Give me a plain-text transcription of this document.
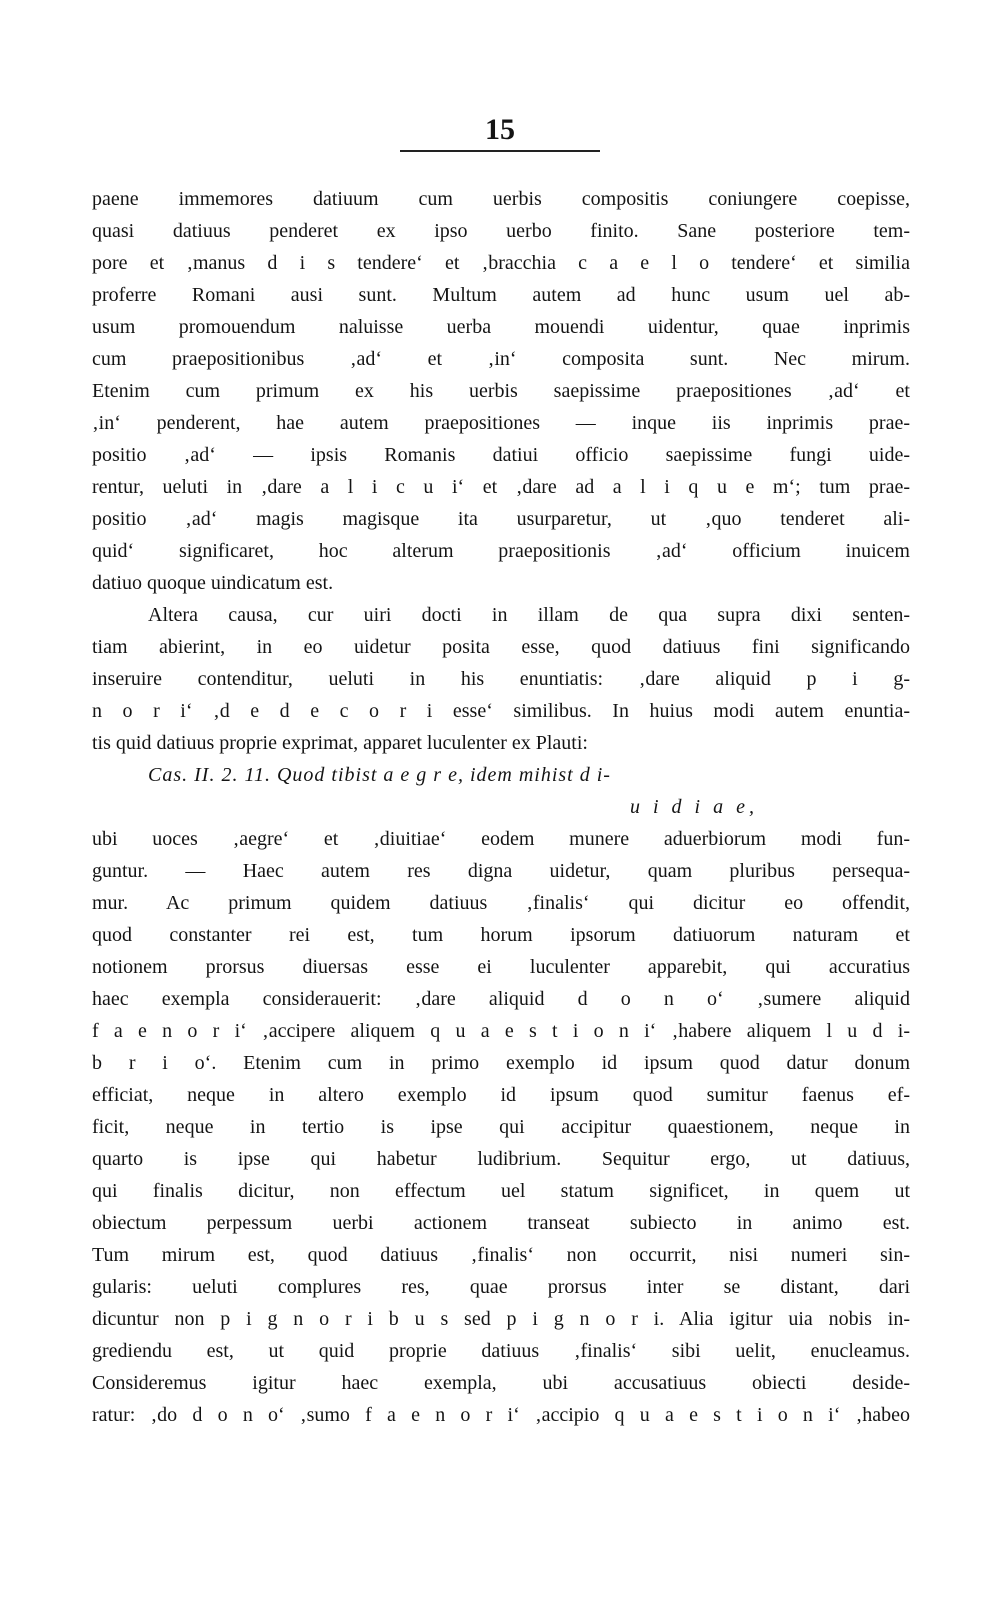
15
paene immemores datiuum cum uerbis compositis coniungere coepisse,
quasi datiuus penderet ex ipso uerbo finito. Sane posteriore tem-
pore et ‚manus d i s tendere‘ et ‚bracchia c a e l o tendere‘ et similia
proferre Romani ausi sunt. Multum autem ad hunc usum uel ab-
usum promouendum naluisse uerba mouendi uidentur, quae inprimis
cum praepositionibus ‚ad‘ et ‚in‘ composita sunt. Nec mirum.
Etenim cum primum ex his uerbis saepissime praepositiones ‚ad‘ et
‚in‘ penderent, hae autem praepositiones — inque iis inprimis prae-
positio ‚ad‘ — ipsis Romanis datiui officio saepissime fungi uide-
rentur, ueluti in ‚dare a l i c u i‘ et ‚dare ad a l i q u e m‘; tum prae-
positio ‚ad‘ magis magisque ita usurparetur, ut ‚quo tenderet ali-
quid‘ significaret, hoc alterum praepositionis ‚ad‘ officium inuicem
datiuo quoque uindicatum est.
Altera causa, cur uiri docti in illam de qua supra dixi senten-
tiam abierint, in eo uidetur posita esse, quod datiuus fini significando
inseruire contenditur, ueluti in his enuntiatis: ‚dare aliquid p i g-
n o r i‘ ‚d e d e c o r i esse‘ similibus. In huius modi autem enuntia-
tis quid datiuus proprie exprimat, apparet luculenter ex Plauti:
Cas. II. 2. 11. Quod tibist a e g r e, idem mihist d i-
u i d i a e,
ubi uoces ‚aegre‘ et ‚diuitiae‘ eodem munere aduerbiorum modi fun-
guntur. — Haec autem res digna uidetur, quam pluribus persequa-
mur. Ac primum quidem datiuus ‚finalis‘ qui dicitur eo offendit,
quod constanter rei est, tum horum ipsorum datiuorum naturam et
notionem prorsus diuersas esse ei luculenter apparebit, qui accuratius
haec exempla considerauerit: ‚dare aliquid d o n o‘ ‚sumere aliquid
f a e n o r i‘ ‚accipere aliquem q u a e s t i o n i‘ ‚habere aliquem l u d i-
b r i o‘. Etenim cum in primo exemplo id ipsum quod datur donum
efficiat, neque in altero exemplo id ipsum quod sumitur faenus ef-
ficit, neque in tertio is ipse qui accipitur quaestionem, neque in
quarto is ipse qui habetur ludibrium. Sequitur ergo, ut datiuus,
qui finalis dicitur, non effectum uel statum significet, in quem ut
obiectum perpessum uerbi actionem transeat subiecto in animo est.
Tum mirum est, quod datiuus ‚finalis‘ non occurrit, nisi numeri sin-
gularis: ueluti complures res, quae prorsus inter se distant, dari
dicuntur non p i g n o r i b u s sed p i g n o r i. Alia igitur uia nobis in-
grediendu est, ut quid proprie datiuus ‚finalis‘ sibi uelit, enucleamus.
Consideremus igitur haec exempla, ubi accusatiuus obiecti deside-
ratur: ‚do d o n o‘ ‚sumo f a e n o r i‘ ‚accipio q u a e s t i o n i‘ ‚habeo
